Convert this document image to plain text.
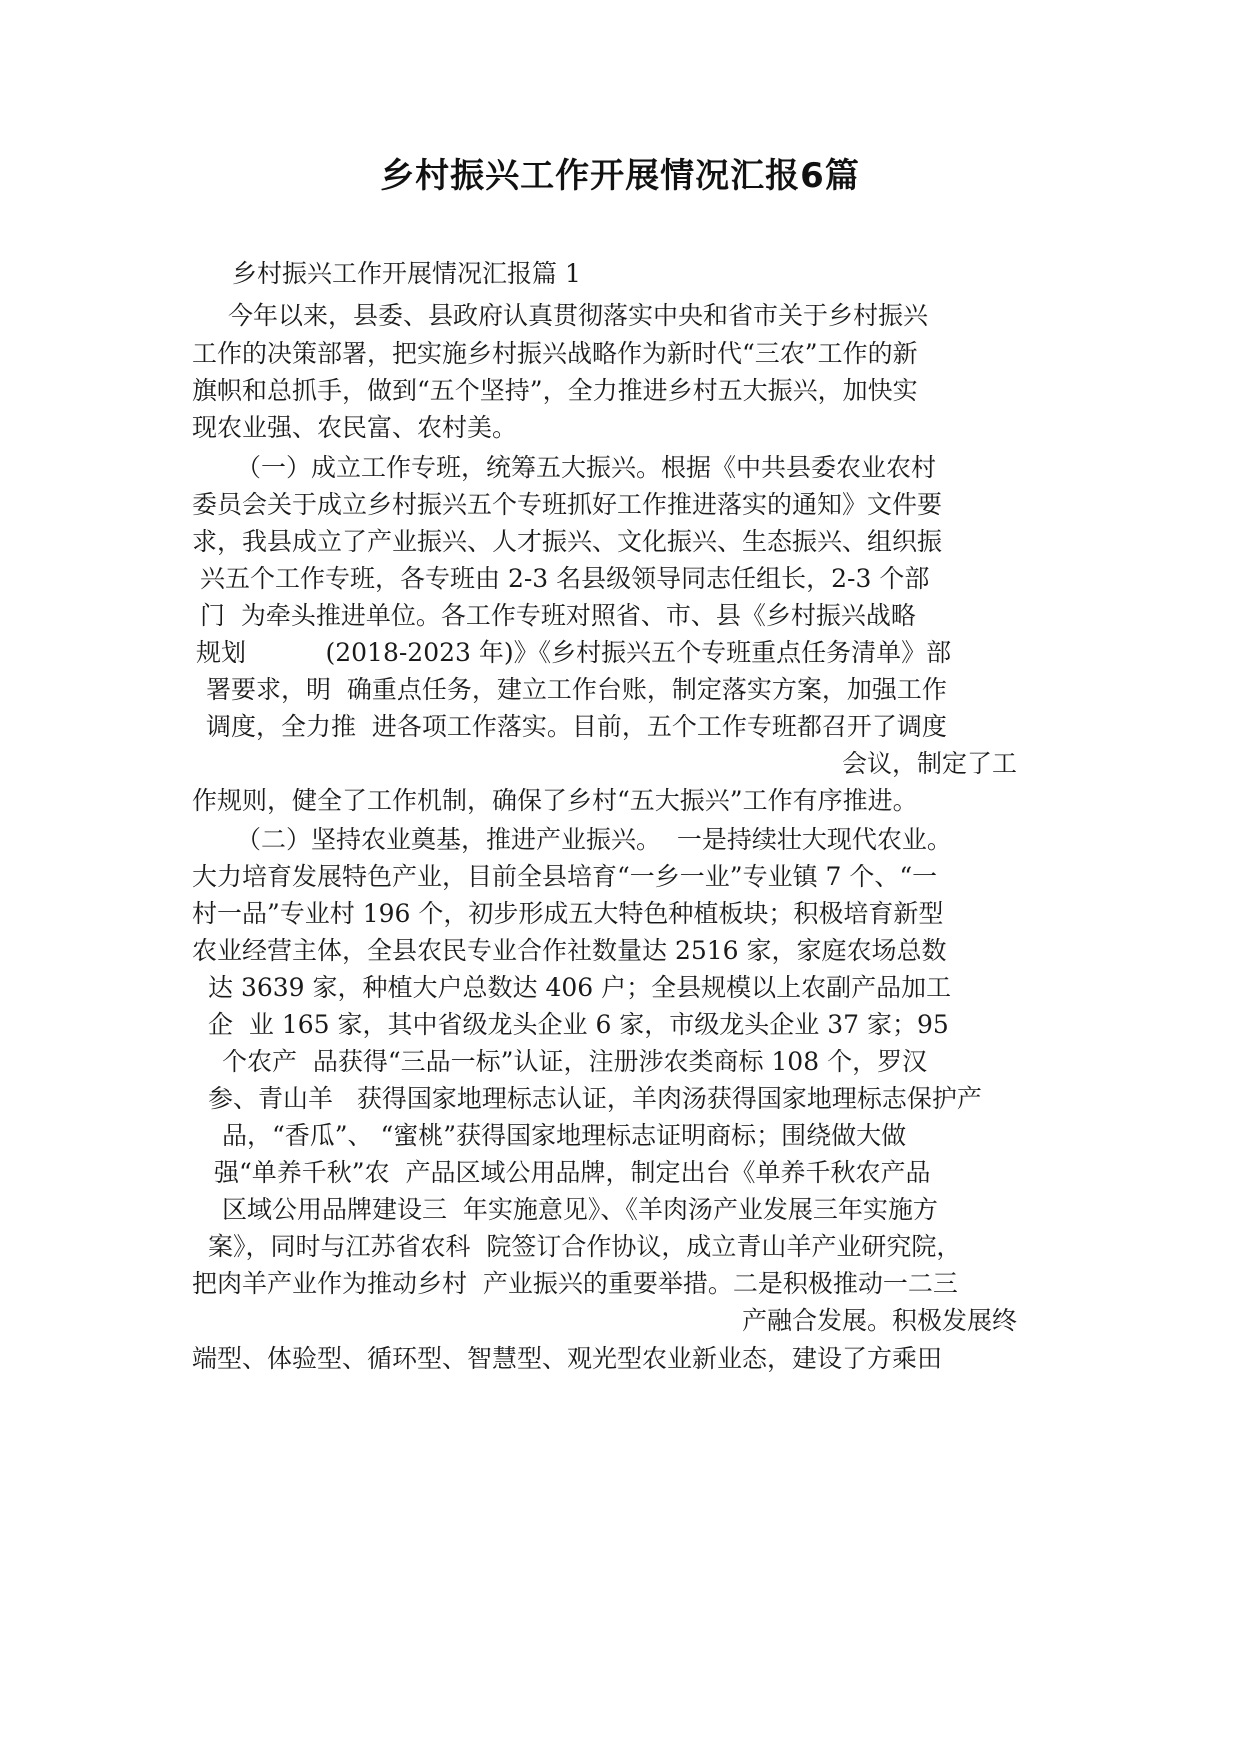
乡村振兴工作开展情况汇报6篇
乡村振兴工作开展情况汇报篇 1
今年以来，县委、县政府认真贯彻落实中央和省市关于乡村振兴
工作的决策部署，把实施乡村振兴战略作为新时代“三农”工作的新
旗帜和总抓手，做到“五个坚持”，全力推进乡村五大振兴，加快实
现农业强、农民富、农村美。
（一）成立工作专班，统筹五大振兴。根据《中共县委农业农村
委员会关于成立乡村振兴五个专班抓好工作推进落实的通知》文件要
求，我县成立了产业振兴、人才振兴、文化振兴、生态振兴、组织振
兴五个工作专班，各专班由 2-3 名县级领导同志任组长，2-3 个部
门  为牵头推进单位。各工作专班对照省、市、县《乡村振兴战略
规划          (2018-2023 年)》《乡村振兴五个专班重点任务清单》部
署要求，明  确重点任务，建立工作台账，制定落实方案，加强工作
调度，全力推  进各项工作落实。目前，五个工作专班都召开了调度
会议，制定了工
作规则，健全了工作机制，确保了乡村“五大振兴”工作有序推进。
（二）坚持农业奠基，推进产业振兴。  一是持续壮大现代农业。
大力培育发展特色产业，目前全县培育“一乡一业”专业镇 7 个、“一
村一品”专业村 196 个，初步形成五大特色种植板块；积极培育新型
农业经营主体，全县农民专业合作社数量达 2516 家，家庭农场总数
达 3639 家，种植大户总数达 406 户；全县规模以上农副产品加工
企  业 165 家，其中省级龙头企业 6 家，市级龙头企业 37 家；95
个农产  品获得“三品一标”认证，注册涉农类商标 108 个，罗汉
参、青山羊   获得国家地理标志认证，羊肉汤获得国家地理标志保护产
品，“香瓜”、 “蜜桃”获得国家地理标志证明商标；围绕做大做
强“单养千秋”农  产品区域公用品牌，制定出台《单养千秋农产品
区域公用品牌建设三  年实施意见》、《羊肉汤产业发展三年实施方
案》，同时与江苏省农科  院签订合作协议，成立青山羊产业研究院，
把肉羊产业作为推动乡村  产业振兴的重要举措。二是积极推动一二三
产融合发展。积极发展终
端型、体验型、循环型、智慧型、观光型农业新业态，建设了方乘田
